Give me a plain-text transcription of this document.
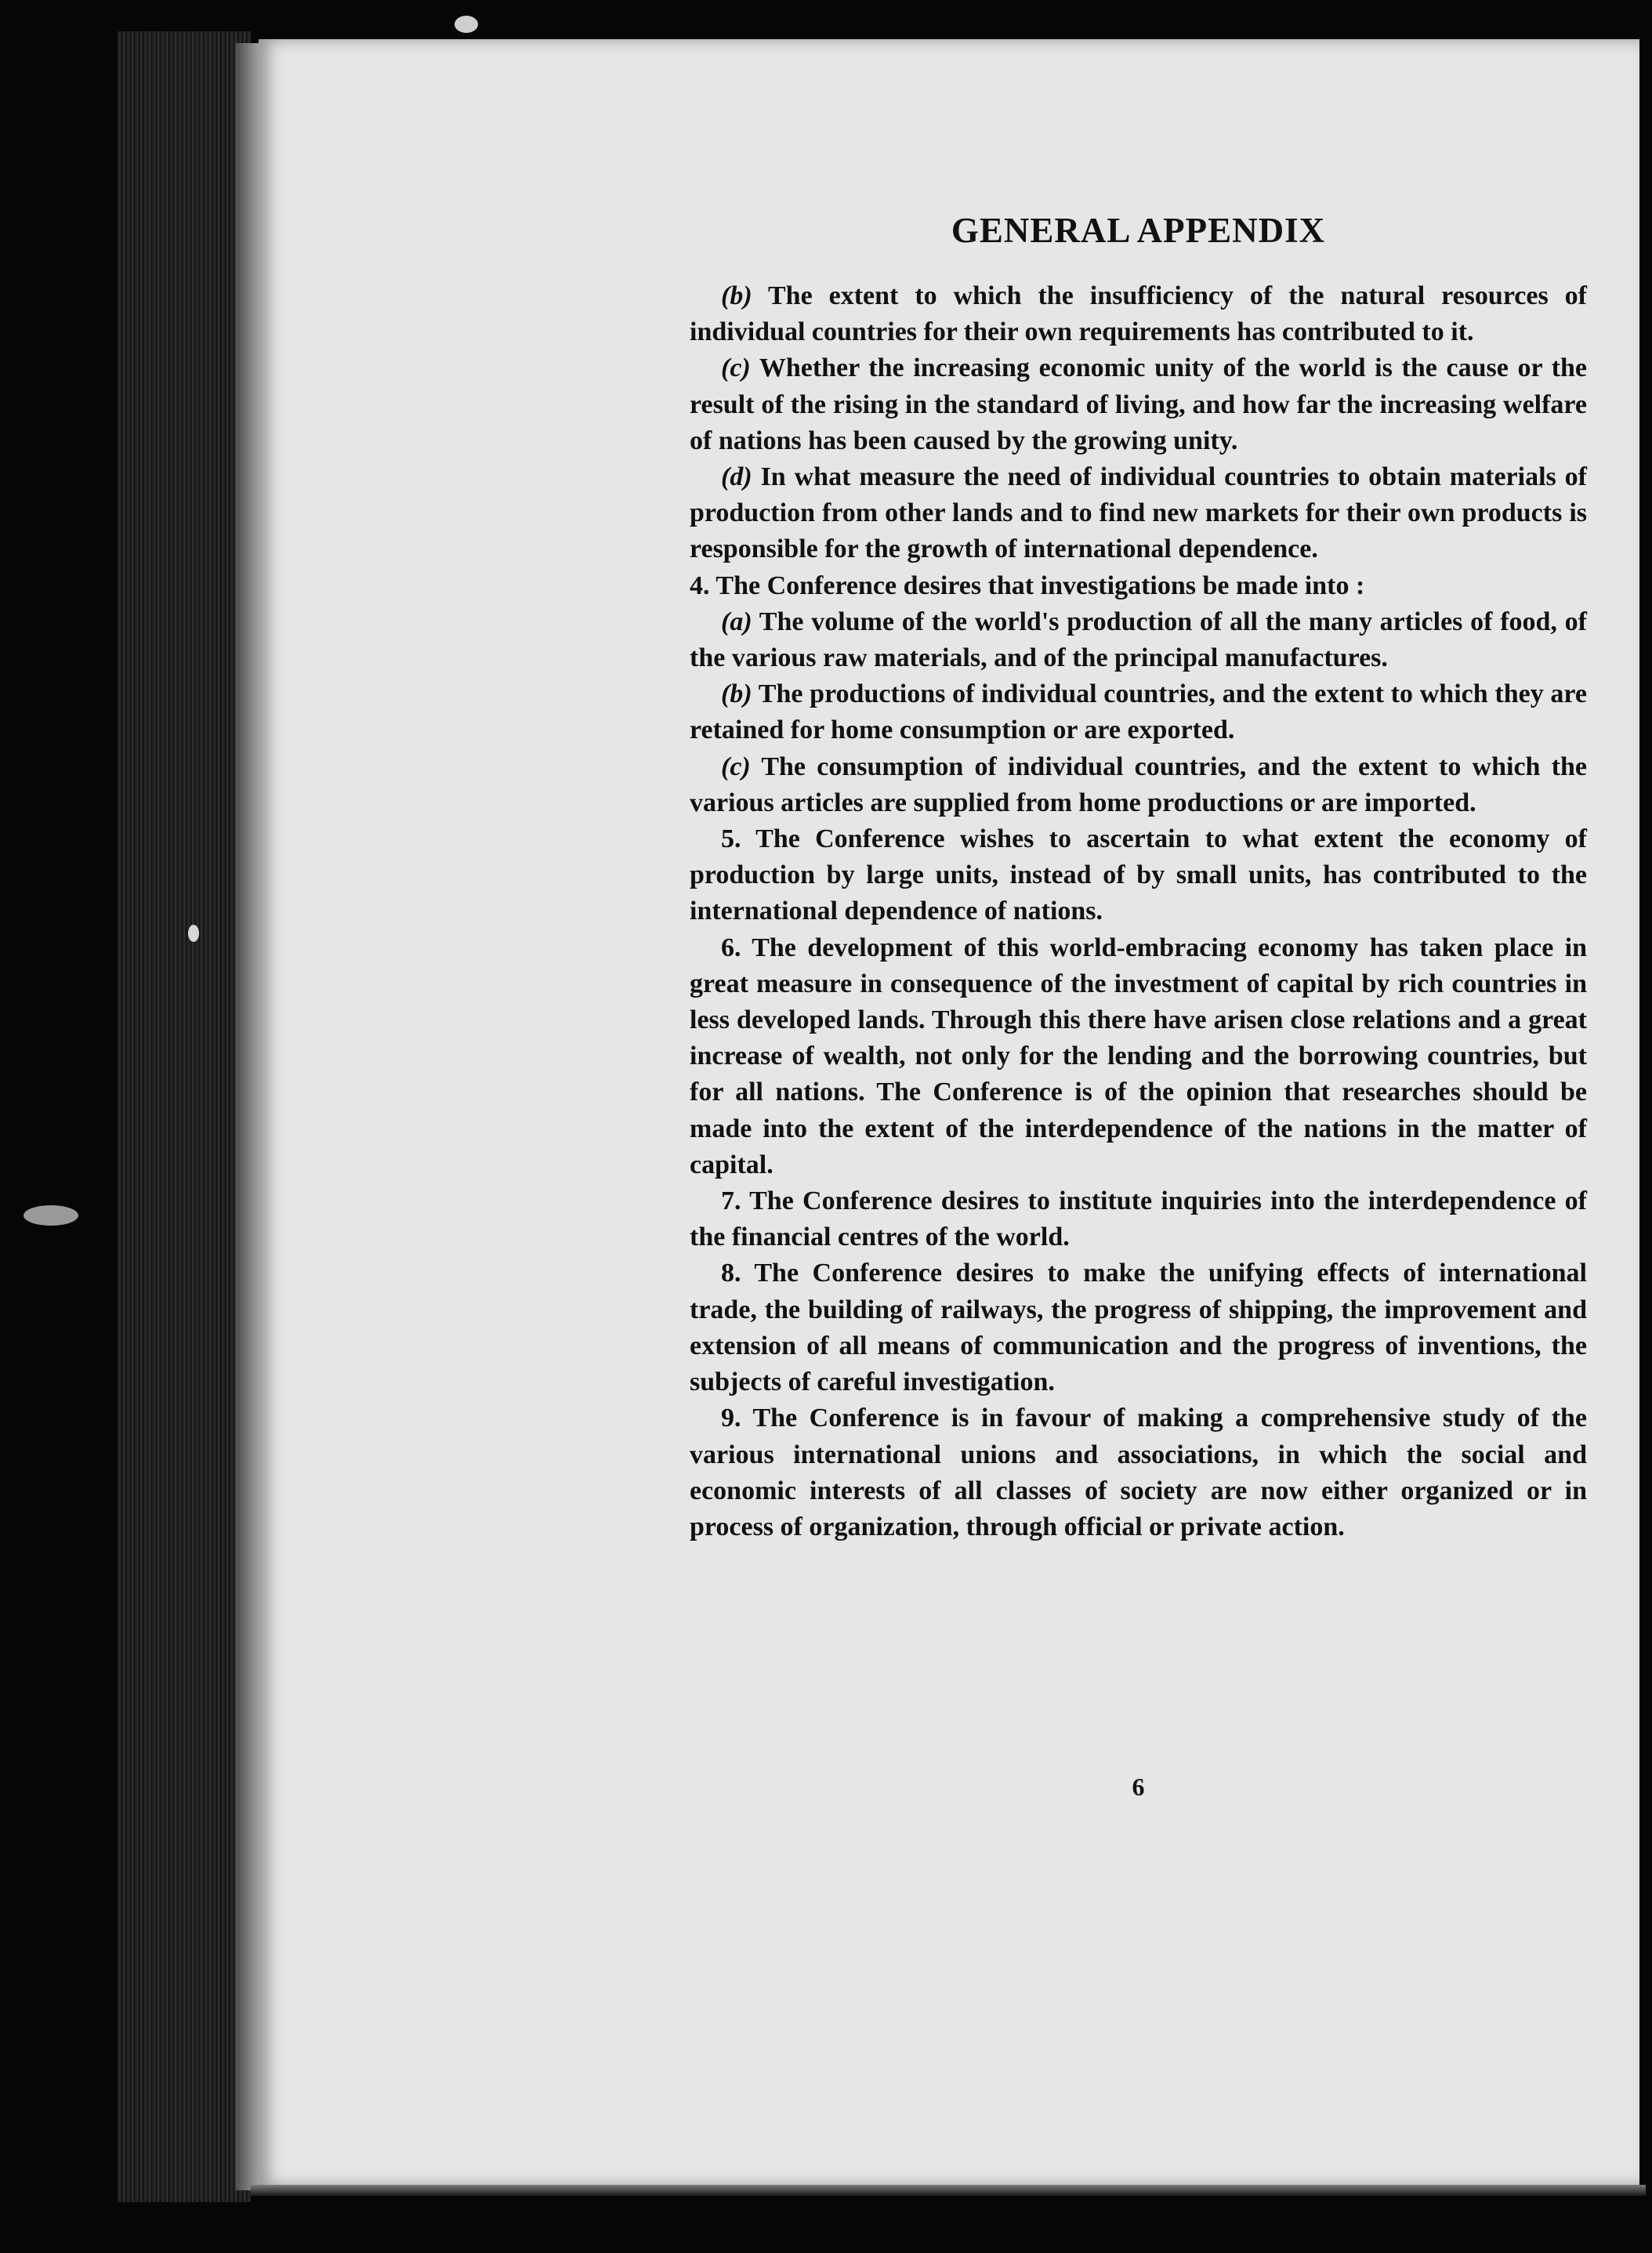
GENERAL APPENDIX

(b) The extent to which the insufficiency of the natural resources of individual countries for their own requirements has contributed to it.

(c) Whether the increasing economic unity of the world is the cause or the result of the rising in the standard of living, and how far the increasing welfare of nations has been caused by the growing unity.

(d) In what measure the need of individual countries to obtain materials of production from other lands and to find new markets for their own products is responsible for the growth of international dependence.

4. The Conference desires that investigations be made into :

(a) The volume of the world's production of all the many articles of food, of the various raw materials, and of the principal manufactures.

(b) The productions of individual countries, and the extent to which they are retained for home consumption or are exported.

(c) The consumption of individual countries, and the extent to which the various articles are supplied from home productions or are imported.

5. The Conference wishes to ascertain to what extent the economy of production by large units, instead of by small units, has contributed to the international dependence of nations.

6. The development of this world-embracing economy has taken place in great measure in consequence of the investment of capital by rich countries in less developed lands. Through this there have arisen close relations and a great increase of wealth, not only for the lending and the borrowing countries, but for all nations. The Conference is of the opinion that researches should be made into the extent of the interdependence of the nations in the matter of capital.

7. The Conference desires to institute inquiries into the interdependence of the financial centres of the world.

8. The Conference desires to make the unifying effects of international trade, the building of railways, the progress of shipping, the improvement and extension of all means of communication and the progress of inventions, the subjects of careful investigation.

9. The Conference is in favour of making a comprehensive study of the various international unions and associations, in which the social and economic interests of all classes of society are now either organized or in process of organization, through official or private action.

6
